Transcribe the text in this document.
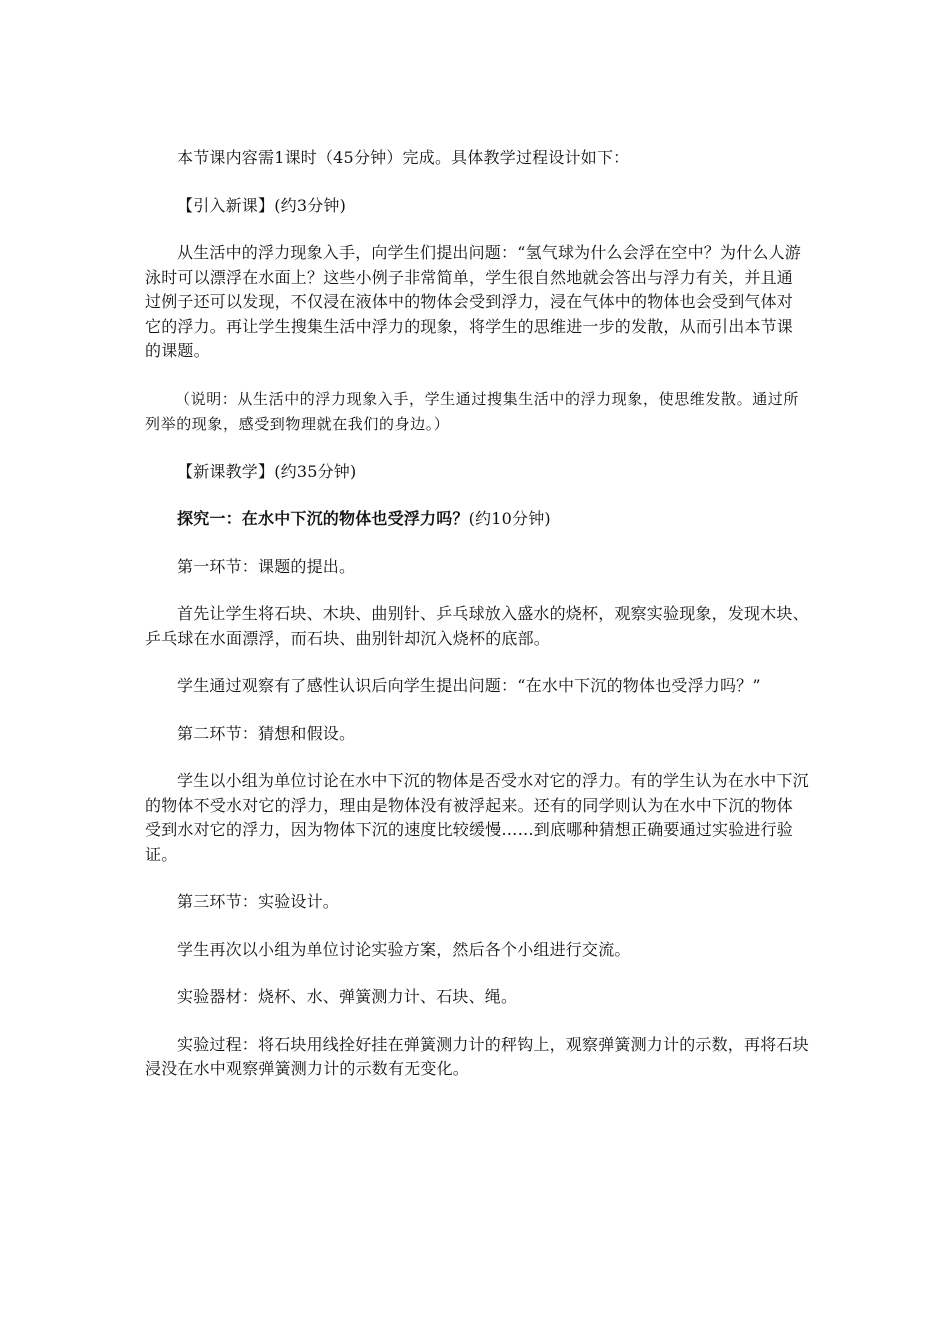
本节课内容需1课时（45分钟）完成。具体教学过程设计如下：

【引入新课】(约3分钟)

从生活中的浮力现象入手，向学生们提出问题：“氢气球为什么会浮在空中？为什么人游泳时可以漂浮在水面上？这些小例子非常简单，学生很自然地就会答出与浮力有关，并且通过例子还可以发现，不仅浸在液体中的物体会受到浮力，浸在气体中的物体也会受到气体对它的浮力。再让学生搜集生活中浮力的现象，将学生的思维进一步的发散，从而引出本节课的课题。

（说明：从生活中的浮力现象入手，学生通过搜集生活中的浮力现象，使思维发散。通过所列举的现象，感受到物理就在我们的身边。）

【新课教学】(约35分钟)

探究一：在水中下沉的物体也受浮力吗？(约10分钟)

第一环节：课题的提出。

首先让学生将石块、木块、曲别针、乒乓球放入盛水的烧杯，观察实验现象，发现木块、乒乓球在水面漂浮，而石块、曲别针却沉入烧杯的底部。

学生通过观察有了感性认识后向学生提出问题：“在水中下沉的物体也受浮力吗？”

第二环节：猜想和假设。

学生以小组为单位讨论在水中下沉的物体是否受水对它的浮力。有的学生认为在水中下沉的物体不受水对它的浮力，理由是物体没有被浮起来。还有的同学则认为在水中下沉的物体受到水对它的浮力，因为物体下沉的速度比较缓慢……到底哪种猜想正确要通过实验进行验证。

第三环节：实验设计。

学生再次以小组为单位讨论实验方案，然后各个小组进行交流。

实验器材：烧杯、水、弹簧测力计、石块、绳。

实验过程：将石块用线拴好挂在弹簧测力计的秤钩上，观察弹簧测力计的示数，再将石块浸没在水中观察弹簧测力计的示数有无变化。
